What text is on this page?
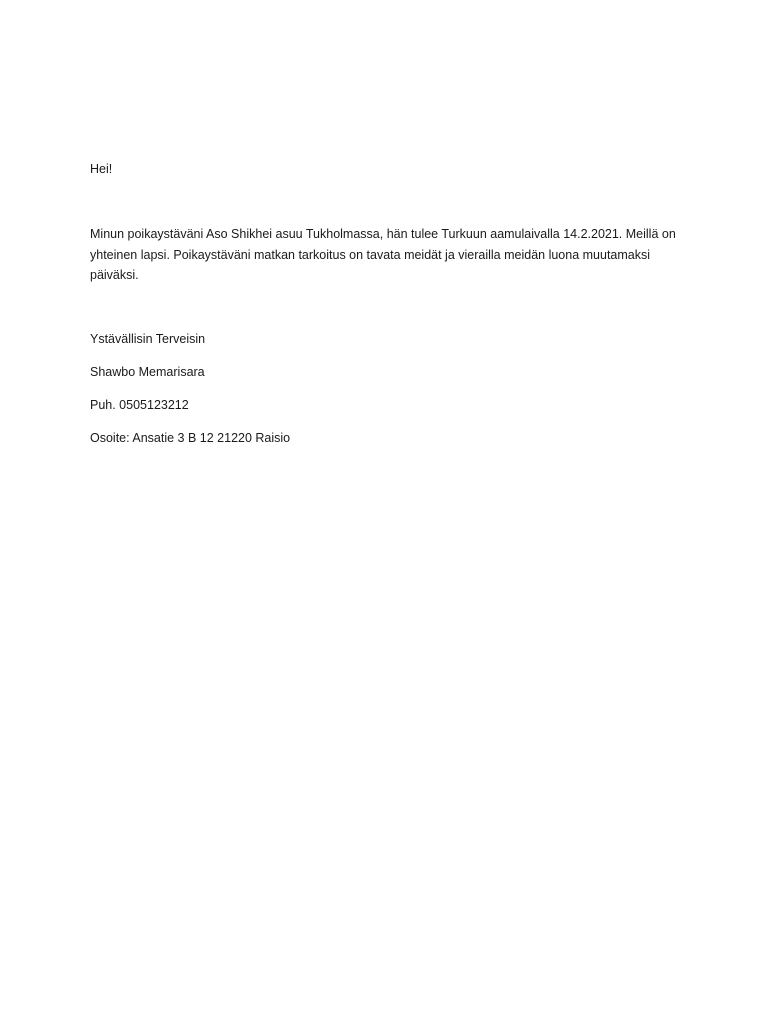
Hei!

Minun poikaystäväni Aso Shikhei asuu Tukholmassa, hän tulee Turkuun aamulaivalla 14.2.2021. Meillä on
yhteinen lapsi. Poikaystäväni matkan tarkoitus on tavata meidät ja vierailla meidän luona muutamaksi
päiväksi.

Ystävällisin Terveisin

Shawbo Memarisara

Puh. 0505123212

Osoite: Ansatie 3 B 12 21220 Raisio
